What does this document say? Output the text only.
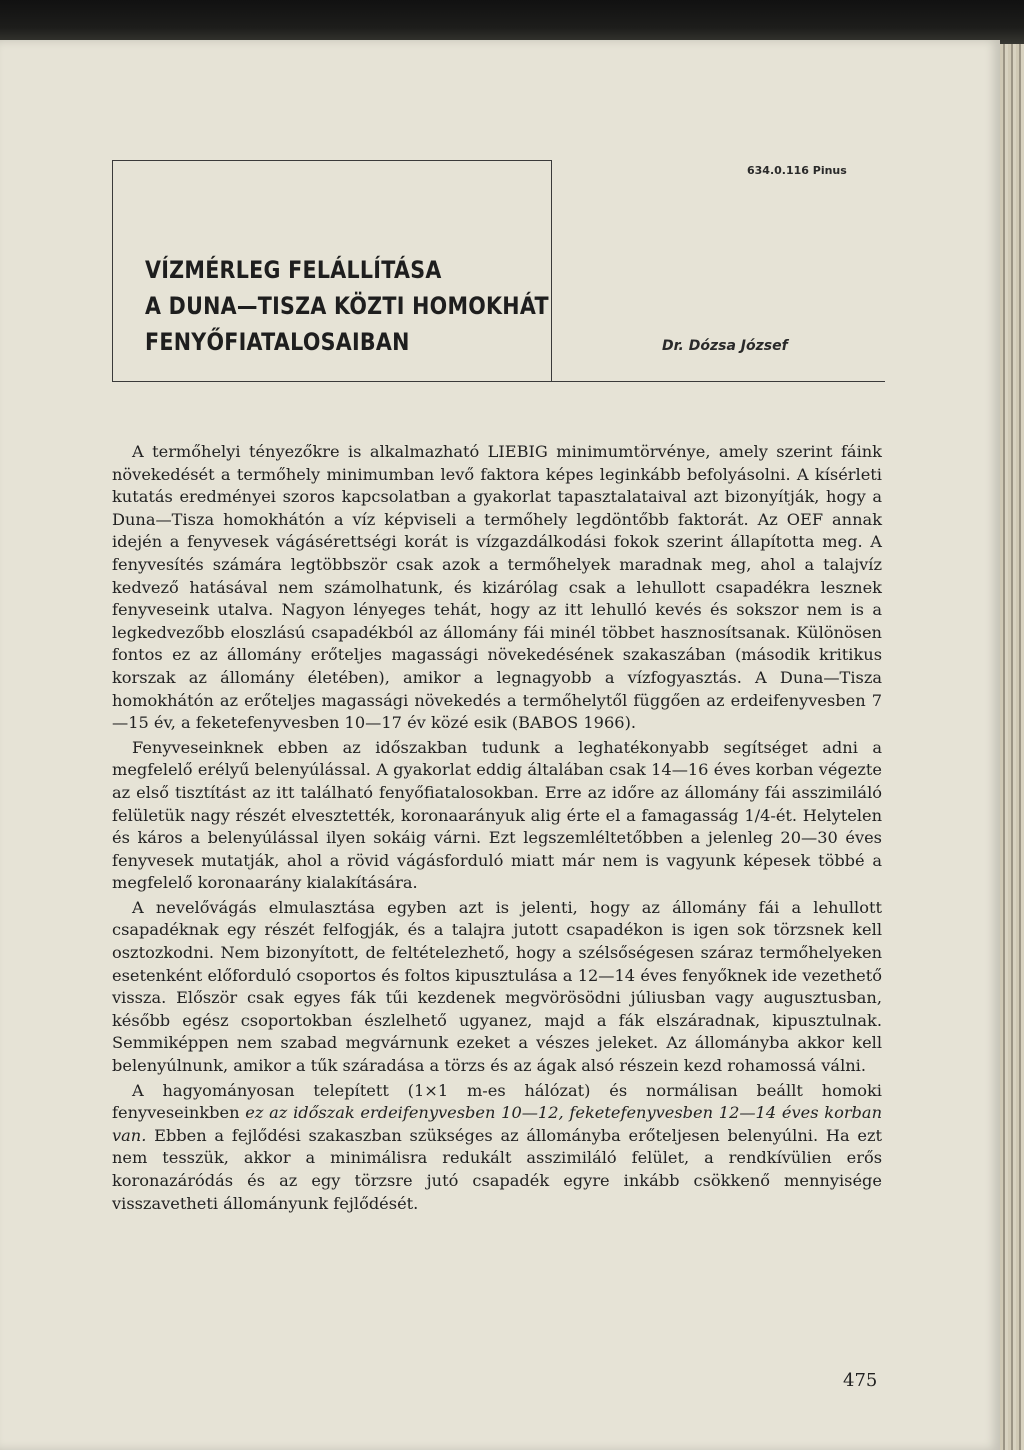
634.0.116 Pinus
VÍZMÉRLEG FELÁLLÍTÁSA
A DUNA—TISZA KÖZTI HOMOKHÁT
FENYŐFIATALOSAIBAN	Dr. Dózsa József

A termőhelyi tényezőkre is alkalmazható LIEBIG minimumtörvénye, amely szerint fáink növekedését a termőhely minimumban levő faktora képes leginkább befolyásolni. A kísérleti kutatás eredményei szoros kapcsolatban a gyakorlat tapasztalataival azt bizonyítják, hogy a Duna—Tisza homokhátón a víz képviseli a termőhely legdöntőbb faktorát. Az OEF annak idején a fenyvesek vágásérettségi korát is vízgazdálkodási fokok szerint állapította meg. A fenyvesítés számára legtöbbször csak azok a termőhelyek maradnak meg, ahol a talajvíz kedvező hatásával nem számolhatunk, és kizárólag csak a lehullott csapadékra lesznek fenyveseink utalva. Nagyon lényeges tehát, hogy az itt lehulló kevés és sokszor nem is a legkedvezőbb eloszlású csapadékból az állomány fái minél többet hasznosítsanak. Különösen fontos ez az állomány erőteljes magassági növekedésének szakaszában (második kritikus korszak az állomány életében), amikor a legnagyobb a vízfogyasztás. A Duna—Tisza homokhátón az erőteljes magassági növekedés a termőhelytől függően az erdeifenyvesben 7—15 év, a feketefenyvesben 10—17 év közé esik (BABOS 1966).

Fenyveseinknek ebben az időszakban tudunk a leghatékonyabb segítséget adni a megfelelő erélyű belenyúlással. A gyakorlat eddig általában csak 14—16 éves korban végezte az első tisztítást az itt található fenyőfiatalosokban. Erre az időre az állomány fái asszimiláló felületük nagy részét elvesztették, koronaarányuk alig érte el a famagasság 1/4-ét. Helytelen és káros a belenyúlással ilyen sokáig várni. Ezt legszemléltetőbben a jelenleg 20—30 éves fenyvesek mutatják, ahol a rövid vágásforduló miatt már nem is vagyunk képesek többé a megfelelő koronaarány kialakítására.

A nevelővágás elmulasztása egyben azt is jelenti, hogy az állomány fái a lehullott csapadéknak egy részét felfogják, és a talajra jutott csapadékon is igen sok törzsnek kell osztozkodni. Nem bizonyított, de feltételezhető, hogy a szélsőségesen száraz termőhelyeken esetenként előforduló csoportos és foltos kipusztulása a 12—14 éves fenyőknek ide vezethető vissza. Először csak egyes fák tűi kezdenek megvörösödni júliusban vagy augusztusban, később egész csoportokban észlelhető ugyanez, majd a fák elszáradnak, kipusztulnak. Semmiképpen nem szabad megvárnunk ezeket a vészes jeleket. Az állományba akkor kell belenyúlnunk, amikor a tűk száradása a törzs és az ágak alsó részein kezd rohamossá válni.

A hagyományosan telepített (1×1 m-es hálózat) és normálisan beállt homoki fenyveseinkben ez az időszak erdeifenyvesben 10—12, feketefenyvesben 12—14 éves korban van. Ebben a fejlődési szakaszban szükséges az állományba erőteljesen belenyúlni. Ha ezt nem tesszük, akkor a minimálisra redukált asszimiláló felület, a rendkívülien erős koronazáródás és az egy törzsre jutó csapadék egyre inkább csökkenő mennyisége visszavetheti állományunk fejlődését.

475
